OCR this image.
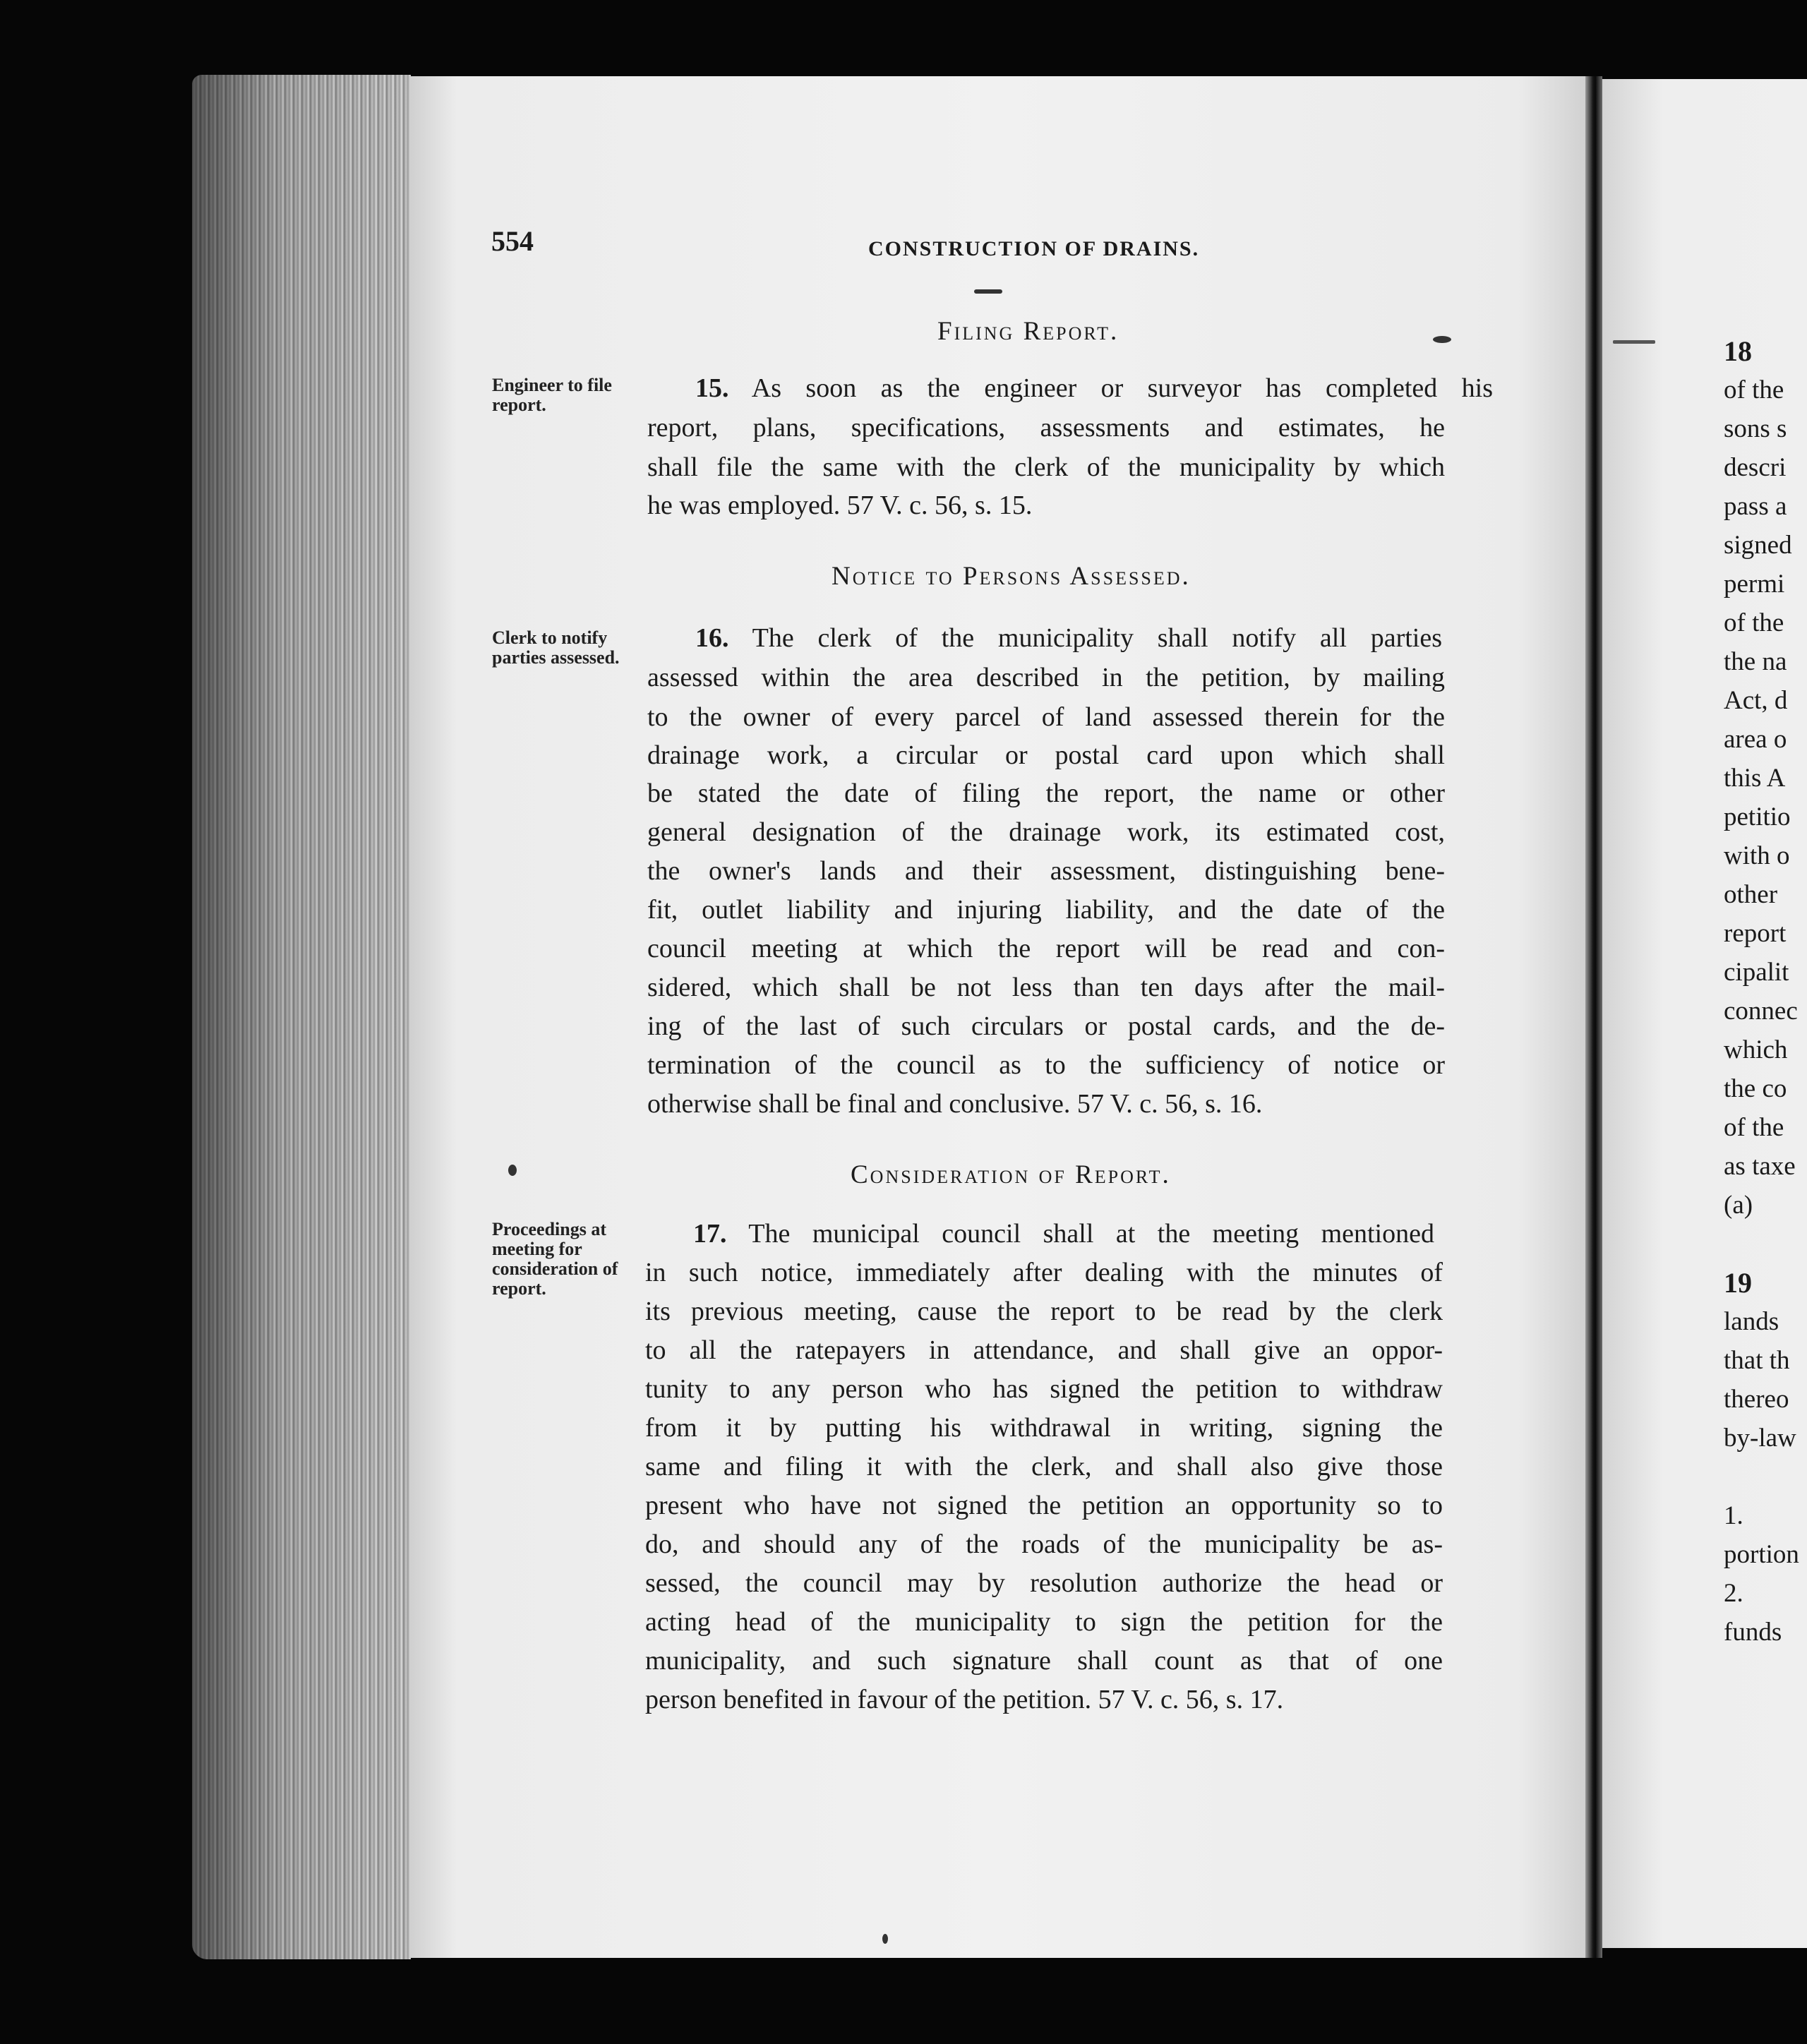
554	CONSTRUCTION OF DRAINS.
Filing Report.
Engineer to file report.
15. As soon as the engineer or surveyor has completed his
report, plans, specifications, assessments and estimates, he
shall file the same with the clerk of the municipality by which
he was employed. 57 V. c. 56, s. 15.
Notice to Persons Assessed.
Clerk to notify parties assessed.
16. The clerk of the municipality shall notify all parties
assessed within the area described in the petition, by mailing
to the owner of every parcel of land assessed therein for the
drainage work, a circular or postal card upon which shall
be stated the date of filing the report, the name or other
general designation of the drainage work, its estimated cost,
the owner's lands and their assessment, distinguishing bene-
fit, outlet liability and injuring liability, and the date of the
council meeting at which the report will be read and con-
sidered, which shall be not less than ten days after the mail-
ing of the last of such circulars or postal cards, and the de-
termination of the council as to the sufficiency of notice or
otherwise shall be final and conclusive. 57 V. c. 56, s. 16.
Consideration of Report.
Proceedings at meeting for consideration of report.
17. The municipal council shall at the meeting mentioned
in such notice, immediately after dealing with the minutes of
its previous meeting, cause the report to be read by the clerk
to all the ratepayers in attendance, and shall give an oppor-
tunity to any person who has signed the petition to withdraw
from it by putting his withdrawal in writing, signing the
same and filing it with the clerk, and shall also give those
present who have not signed the petition an opportunity so to
do, and should any of the roads of the municipality be as-
sessed, the council may by resolution authorize the head or
acting head of the municipality to sign the petition for the
municipality, and such signature shall count as that of one
person benefited in favour of the petition. 57 V. c. 56, s. 17.
18
of the
sons s
descri
pass a
signed
permi
of the
the na
Act, d
area o
this A
petitio
with o
other
report
cipalit
connec
which
the co
of the
as taxe
(a)
19
lands
that th
thereo
by-law
1.
portion
2.
funds
